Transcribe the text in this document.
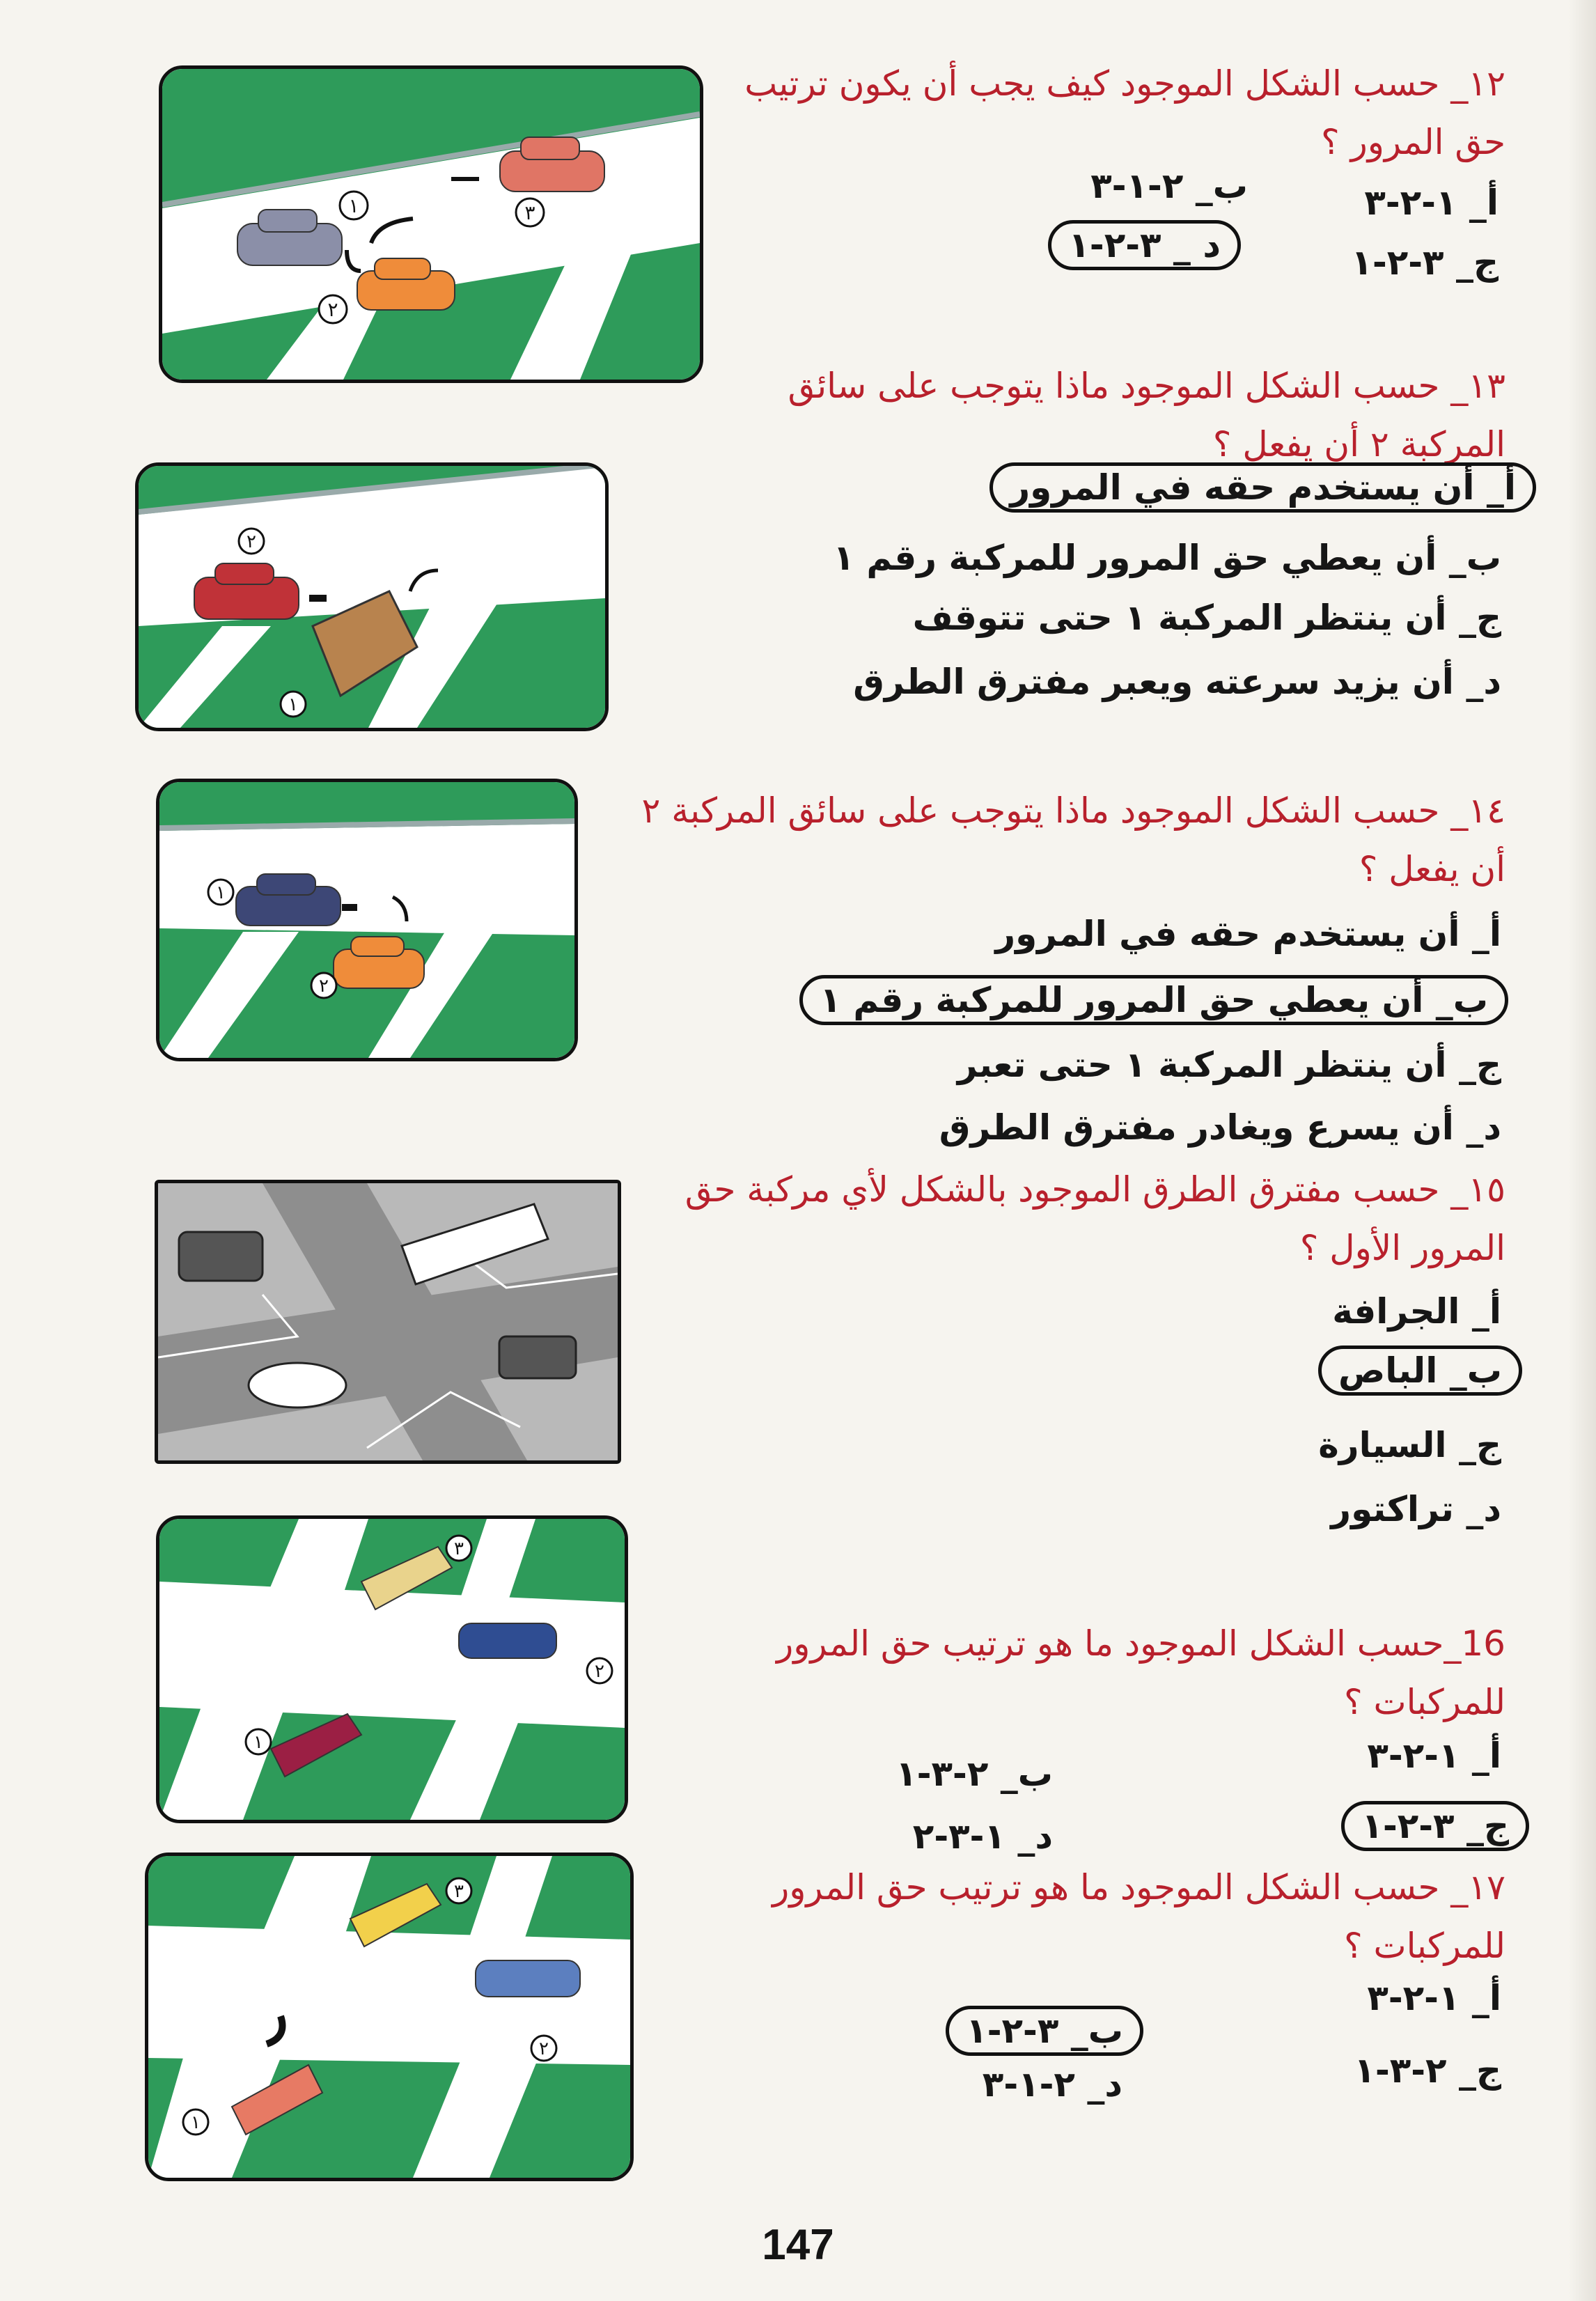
١
٢
٣
١٢_ حسب الشكل الموجود كيف يجب أن يكون ترتيب حق المرور ؟
أ_ ١-٢-٣
ب_ ٢-١-٣
ج_ ٣-٢-١
د _ ٣-٢-١
٢
١
١٣_ حسب الشكل الموجود ماذا يتوجب على سائق المركبة ٢ أن يفعل ؟
أ_ أن يستخدم حقه في المرور
ب_ أن يعطي حق المرور للمركبة رقم ١
ج_ أن ينتظر المركبة ١ حتى تتوقف
د_ أن يزيد سرعته ويعبر مفترق الطرق
١
٢
١٤_ حسب الشكل الموجود ماذا يتوجب على سائق المركبة ٢ أن يفعل ؟
أ_ أن يستخدم حقه في المرور
ب_ أن يعطي حق المرور للمركبة رقم ١
ج_ أن ينتظر المركبة ١ حتى تعبر
د_ أن يسرع ويغادر مفترق الطرق
١٥_ حسب مفترق الطرق الموجود بالشكل لأي مركبة حق المرور الأول ؟
أ_ الجرافة
ب_ الباص
ج_ السيارة
د_ تراكتور
٣
٢
١
16_حسب الشكل الموجود ما هو ترتيب حق المرور للمركبات ؟
أ_ ١-٢-٣
ب_ ٢-٣-١
ج_ ٣-٢-١
د_ ١-٣-٢
٣
٢
١
١٧_ حسب الشكل الموجود ما هو ترتيب حق المرور للمركبات ؟
أ_ ١-٢-٣
ب_ ٣-٢-١
ج_ ٢-٣-١
د_ ٢-١-٣
147
